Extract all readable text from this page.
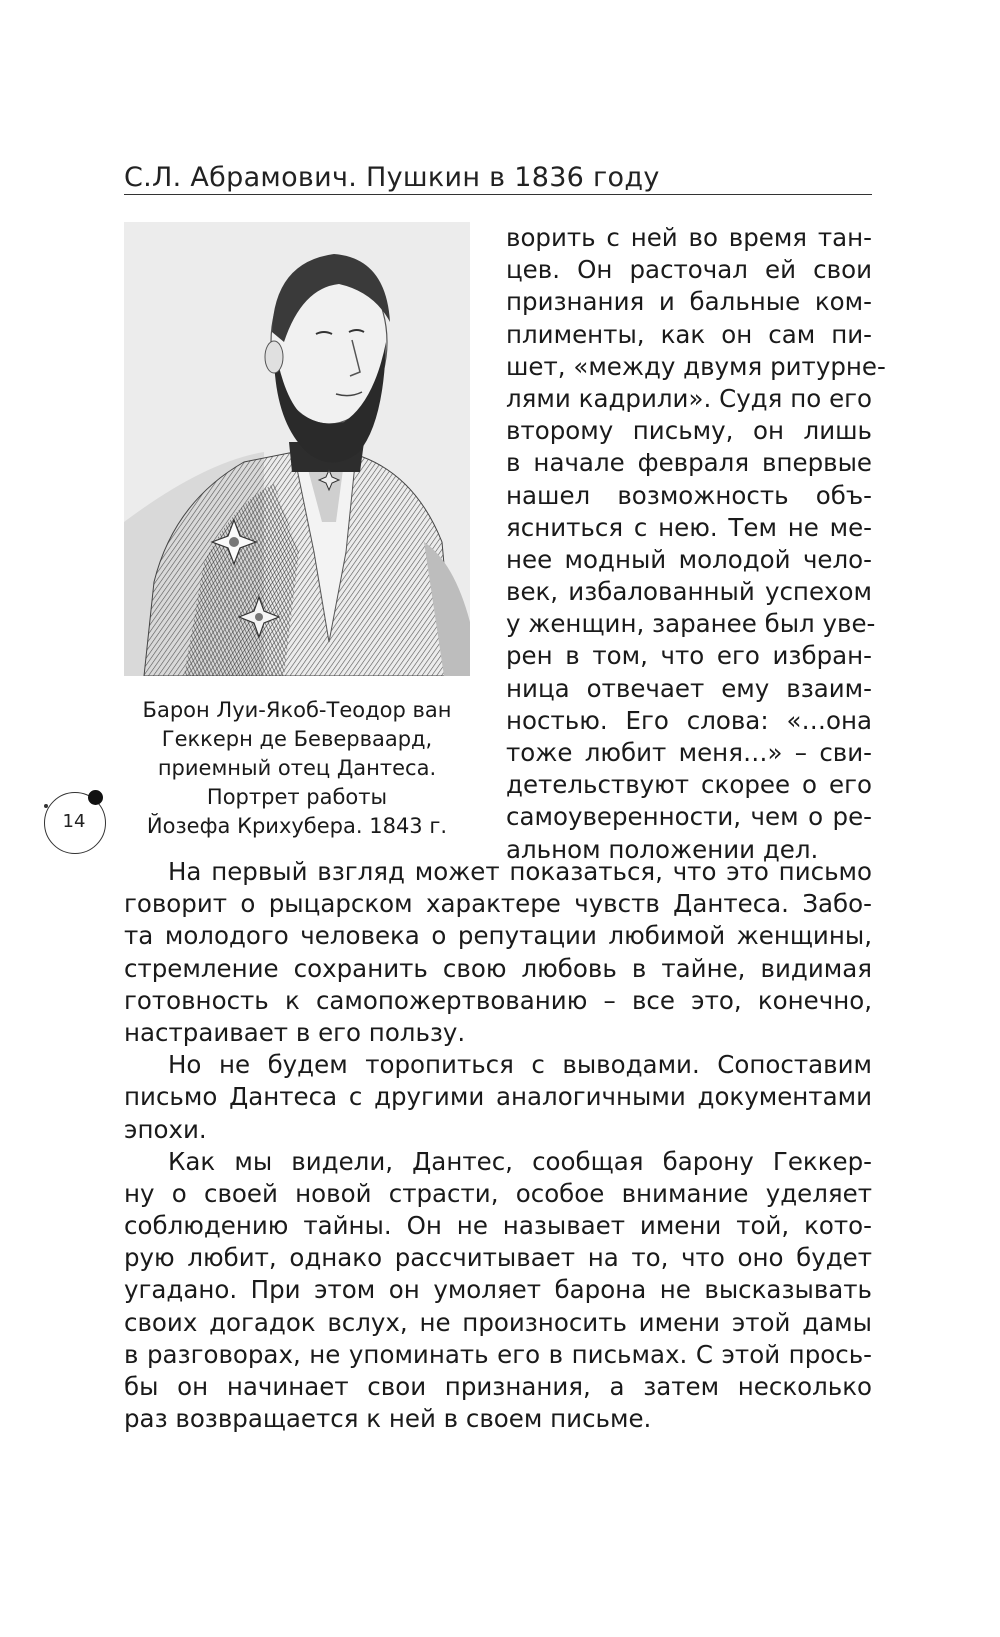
С.Л. Абрамович. Пушкин в 1836 году
Барон Луи-Якоб-Теодор ван
Геккерн де Беверваард,
приемный отец Дантеса.
Портрет работы
Йозефа Крихубера. 1843 г.
ворить с ней во время тан-
цев. Он расточал ей свои
признания и бальные ком-
плименты, как он сам пи-
шет, «между двумя ритурне-
лями кадрили». Судя по его
второму письму, он лишь
в начале февраля впервые
нашел возможность объ-
ясниться с нею. Тем не ме-
нее модный молодой чело-
век, избалованный успехом
у женщин, заранее был уве-
рен в том, что его избран-
ница отвечает ему взаим-
ностью. Его слова: «…она
тоже любит меня…» – сви-
детельствуют скорее о его
самоуверенности, чем о ре-
альном положении дел.
На первый взгляд может показаться, что это письмо
говорит о рыцарском характере чувств Дантеса. Забо-
та молодого человека о репутации любимой женщины,
стремление сохранить свою любовь в тайне, видимая
готовность к самопожертвованию – все это, конечно,
настраивает в его пользу.
Но не будем торопиться с выводами. Сопоставим
письмо Дантеса с другими аналогичными документами
эпохи.
Как мы видели, Дантес, сообщая барону Геккер-
ну о своей новой страсти, особое внимание уделяет
соблюдению тайны. Он не называет имени той, кото-
рую любит, однако рассчитывает на то, что оно будет
угадано. При этом он умоляет барона не высказывать
своих догадок вслух, не произносить имени этой дамы
в разговорах, не упоминать его в письмах. С этой прось-
бы он начинает свои признания, а затем несколько
раз возвращается к ней в своем письме.
14
